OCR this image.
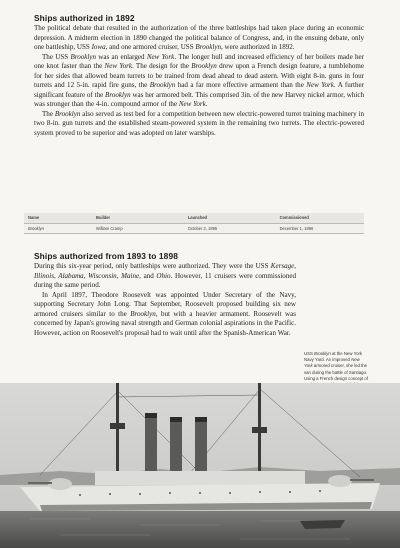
Ships authorized in 1892

The political debate that resulted in the authorization of the three battleships had taken place during an economic depression. A midterm election in 1890 changed the political balance of Congress, and, in the ensuing debate, only one battleship, USS Iowa, and one armored cruiser, USS Brooklyn, were authorized in 1892.

The USS Brooklyn was an enlarged New York. The longer hull and increased efficiency of her boilers made her one knot faster than the New York. The design for the Brooklyn drew upon a French design feature, a tumblehome for her sides that allowed beam turrets to be trained from dead ahead to dead astern. With eight 8-in. guns in four turrets and 12 5-in. rapid fire guns, the Brooklyn had a far more effective armament than the New York. A further significant feature of the Brooklyn was her armored belt. This comprised 3in. of the new Harvey nickel armor, which was stronger than the 4-in. compound armor of the New York.

The Brooklyn also served as test bed for a competition between new electric-powered turret training machinery in two 8-in. gun turrets and the established steam-powered system in the remaining two turrets. The electric-powered system proved to be superior and was adopted on later warships.

Name	Builder	Launched	Commissioned
Brooklyn	William Cramp	October 2, 1895	December 1, 1896
Ships authorized from 1893 to 1898

During this six-year period, only battleships were authorized. They were the USS Kersage, Illinois, Alabama, Wisconsin, Maine, and Ohio. However, 11 cruisers were commissioned during the same period.

In April 1897, Theodore Roosevelt was appointed Under Secretary of the Navy, supporting Secretary John Long. That September, Roosevelt proposed building six new armored cruisers similar to the Brooklyn, but with a heavier armament. Roosevelt was concerned by Japan's growing naval strength and German colonial aspirations in the Pacific. However, action on Roosevelt's proposal had to wait until after the Spanish-American War.

USS Brooklyn at the New York Navy Yard. An improved New York armored cruiser, she led the van during the battle of Santiago. Using a French design concept of
